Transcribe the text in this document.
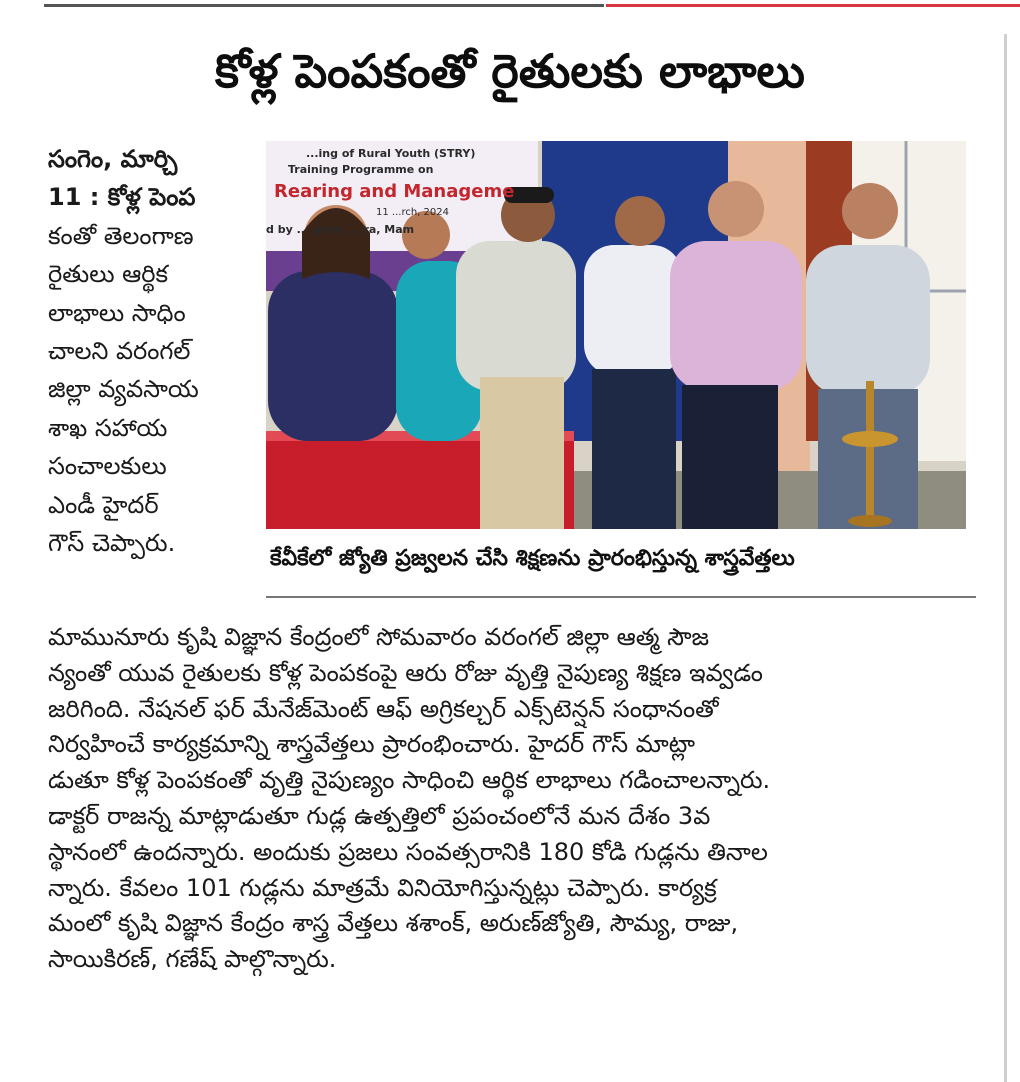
కోళ్ల పెంపకంతో రైతులకు లాభాలు
సంగెం, మార్చి
11 : కోళ్ల పెంప
కంతో తెలంగాణ
రైతులు ఆర్థిక
లాభాలు సాధిం
చాలని వరంగల్
జిల్లా వ్యవసాయ
శాఖ సహాయ
సంచాలకులు
ఎండీ హైదర్
గౌస్ చెప్పారు.
...ing of Rural Youth (STRY)
Training Programme on
Rearing and Manageme
11 ...rch, 2024
d by ... gyan ... ra, Mam
కేవీకేలో జ్యోతి ప్రజ్వలన చేసి శిక్షణను ప్రారంభిస్తున్న శాస్త్రవేత్తలు
మామునూరు కృషి విజ్ఞాన కేంద్రంలో సోమవారం వరంగల్ జిల్లా ఆత్మ సౌజ
న్యంతో యువ రైతులకు కోళ్ల పెంపకంపై ఆరు రోజు వృత్తి నైపుణ్య శిక్షణ ఇవ్వడం
జరిగింది. నేషనల్ ఫర్ మేనేజ్‌మెంట్ ఆఫ్ అగ్రికల్చర్ ఎక్స్‌టెన్షన్ సంధానంతో
నిర్వహించే కార్యక్రమాన్ని శాస్త్రవేత్తలు ప్రారంభించారు. హైదర్ గౌస్ మాట్లా
డుతూ కోళ్ల పెంపకంతో వృత్తి నైపుణ్యం సాధించి ఆర్థిక లాభాలు గడించాలన్నారు.
డాక్టర్ రాజన్న మాట్లాడుతూ గుడ్ల ఉత్పత్తిలో ప్రపంచంలోనే మన దేశం 3వ
స్థానంలో ఉందన్నారు. అందుకు ప్రజలు సంవత్సరానికి 180 కోడి గుడ్లను తినాల
న్నారు. కేవలం 101 గుడ్లను మాత్రమే వినియోగిస్తున్నట్లు చెప్పారు. కార్యక్ర
మంలో కృషి విజ్ఞాన కేంద్రం శాస్త్ర వేత్తలు శశాంక్, అరుణ్‌జ్యోతి, సౌమ్య, రాజు,
సాయికిరణ్, గణేష్ పాల్గొన్నారు.
